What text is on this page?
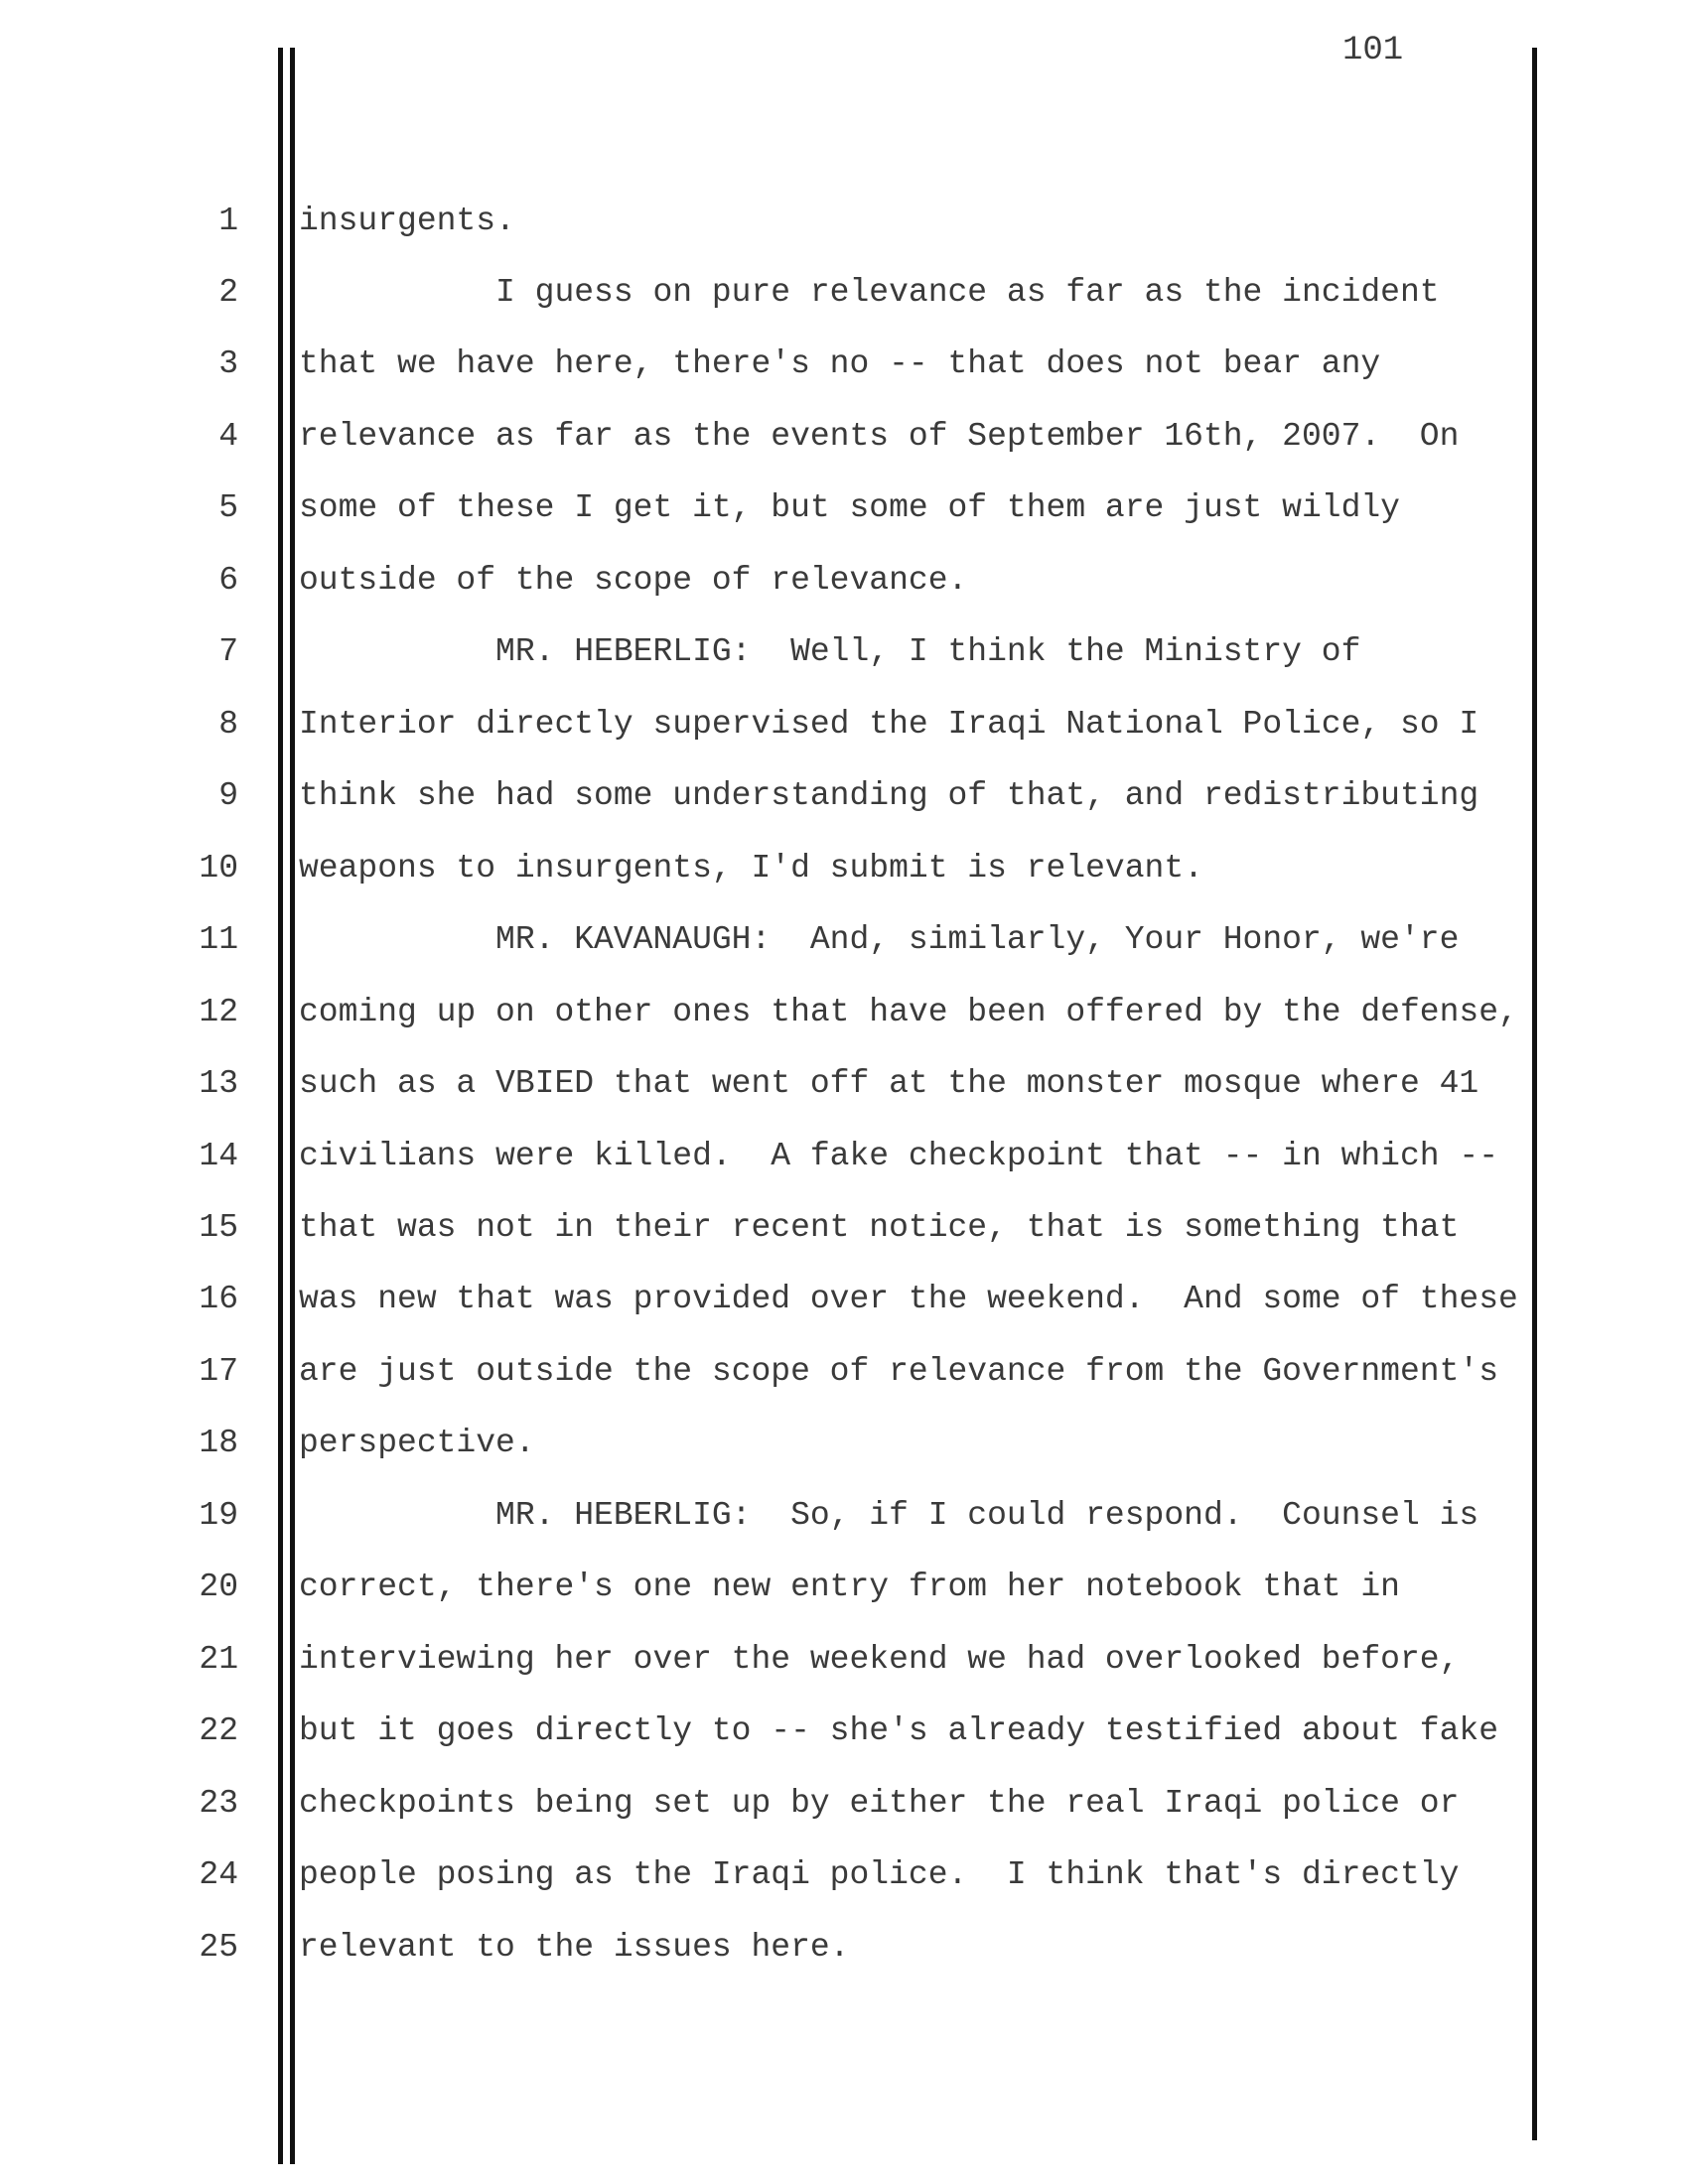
101
1 insurgents.
2 I guess on pure relevance as far as the incident
3 that we have here, there's no -- that does not bear any
4 relevance as far as the events of September 16th, 2007.  On
5 some of these I get it, but some of them are just wildly
6 outside of the scope of relevance.
7 MR. HEBERLIG:  Well, I think the Ministry of
8 Interior directly supervised the Iraqi National Police, so I
9 think she had some understanding of that, and redistributing
10 weapons to insurgents, I'd submit is relevant.
11 MR. KAVANAUGH:  And, similarly, Your Honor, we're
12 coming up on other ones that have been offered by the defense,
13 such as a VBIED that went off at the monster mosque where 41
14 civilians were killed.  A fake checkpoint that -- in which --
15 that was not in their recent notice, that is something that
16 was new that was provided over the weekend.  And some of these
17 are just outside the scope of relevance from the Government's
18 perspective.
19 MR. HEBERLIG:  So, if I could respond.  Counsel is
20 correct, there's one new entry from her notebook that in
21 interviewing her over the weekend we had overlooked before,
22 but it goes directly to -- she's already testified about fake
23 checkpoints being set up by either the real Iraqi police or
24 people posing as the Iraqi police.  I think that's directly
25 relevant to the issues here.
